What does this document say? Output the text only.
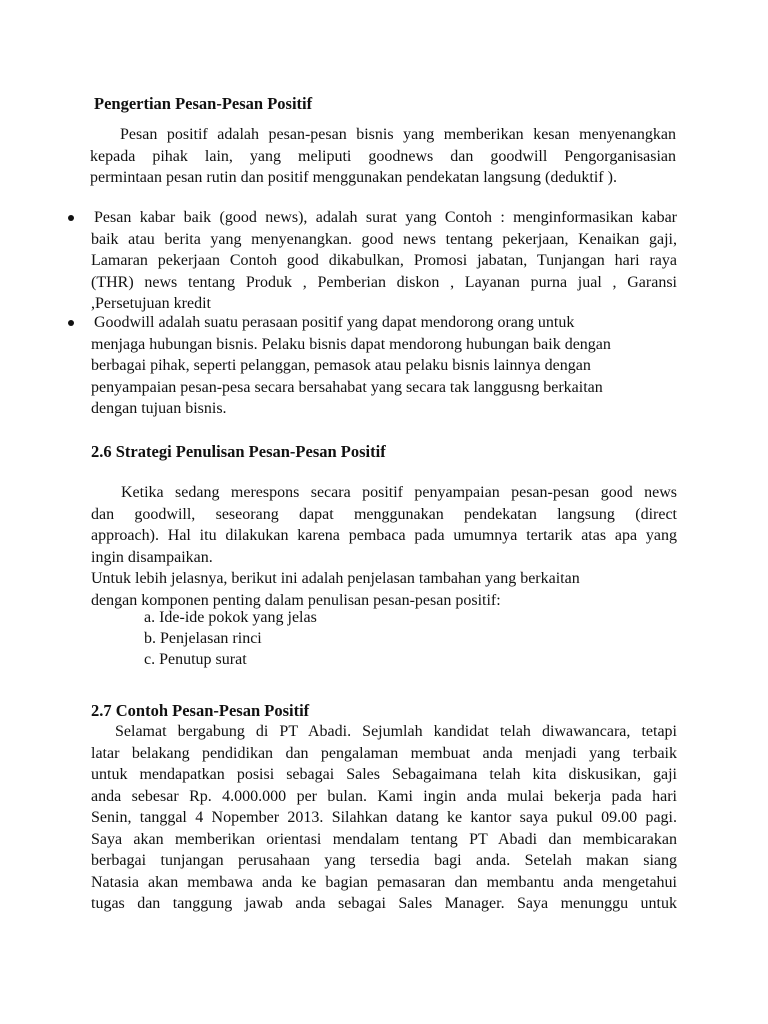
Pengertian Pesan-Pesan Positif
Pesan positif adalah pesan-pesan bisnis yang memberikan kesan menyenangkan
kepada pihak lain, yang meliputi goodnews dan goodwill Pengorganisasian
permintaan pesan rutin dan positif menggunakan pendekatan langsung (deduktif ).
Pesan kabar baik (good news), adalah surat yang Contoh : menginformasikan kabar
baik atau berita yang menyenangkan. good news tentang pekerjaan, Kenaikan gaji,
Lamaran pekerjaan Contoh good dikabulkan, Promosi jabatan, Tunjangan hari raya
(THR) news tentang Produk , Pemberian diskon , Layanan purna jual , Garansi
,Persetujuan kredit
Goodwill adalah suatu perasaan positif yang dapat mendorong orang untuk
menjaga hubungan bisnis. Pelaku bisnis dapat mendorong hubungan baik dengan
berbagai pihak, seperti pelanggan, pemasok atau pelaku bisnis lainnya dengan
penyampaian pesan-pesa secara bersahabat yang secara tak langgusng berkaitan
dengan tujuan bisnis.
2.6 Strategi Penulisan Pesan-Pesan Positif
Ketika sedang merespons secara positif penyampaian pesan-pesan good news
dan goodwill, seseorang dapat menggunakan pendekatan langsung (direct
approach). Hal itu dilakukan karena pembaca pada umumnya tertarik atas apa yang
ingin disampaikan.
Untuk lebih jelasnya, berikut ini adalah penjelasan tambahan yang berkaitan
dengan komponen penting dalam penulisan pesan-pesan positif:
a. Ide-ide pokok yang jelas
b. Penjelasan rinci
c. Penutup surat
2.7 Contoh Pesan-Pesan Positif
Selamat bergabung di PT Abadi. Sejumlah kandidat telah diwawancara, tetapi
latar belakang pendidikan dan pengalaman membuat anda menjadi yang terbaik
untuk mendapatkan posisi sebagai Sales Sebagaimana telah kita diskusikan, gaji
anda sebesar Rp. 4.000.000 per bulan. Kami ingin anda mulai bekerja pada hari
Senin, tanggal 4 Nopember 2013. Silahkan datang ke kantor saya pukul 09.00 pagi.
Saya akan memberikan orientasi mendalam tentang PT Abadi dan membicarakan
berbagai tunjangan perusahaan yang tersedia bagi anda. Setelah makan siang
Natasia akan membawa anda ke bagian pemasaran dan membantu anda mengetahui
tugas dan tanggung jawab anda sebagai Sales Manager. Saya menunggu untuk
